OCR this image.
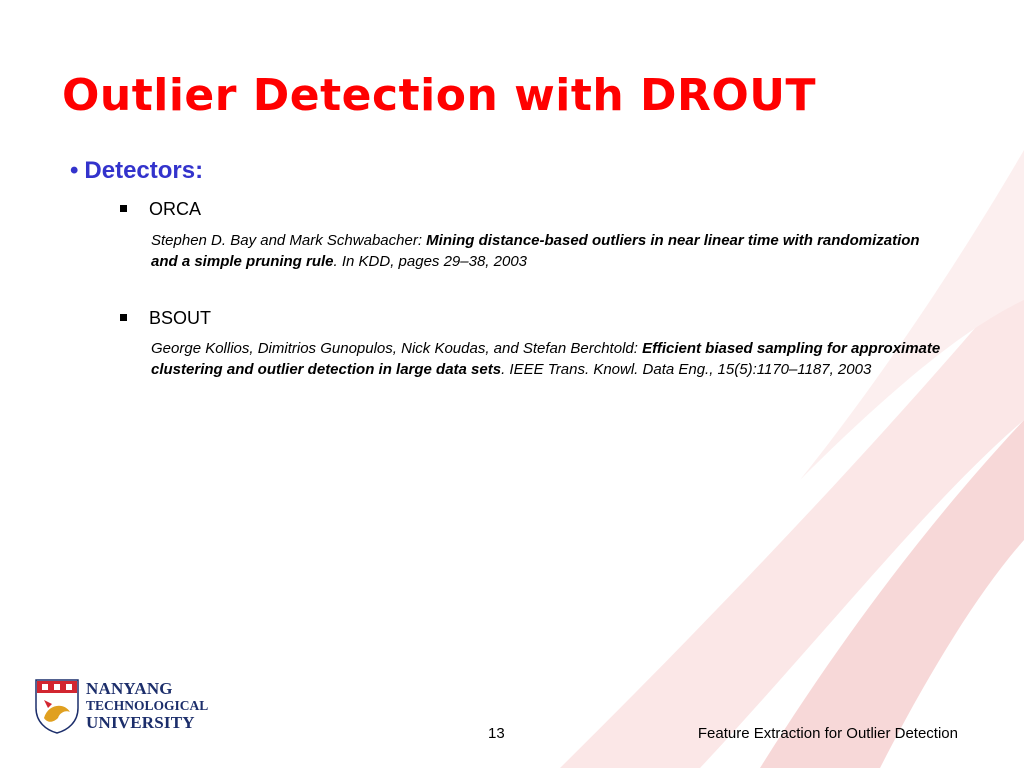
Outlier Detection with DROUT
• Detectors:
ORCA
Stephen D. Bay and Mark Schwabacher: Mining distance-based outliers in near linear time with randomization and a simple pruning rule. In KDD, pages 29–38, 2003
BSOUT
George Kollios, Dimitrios Gunopulos, Nick Koudas, and Stefan Berchtold: Efficient biased sampling for approximate clustering and outlier detection in large data sets. IEEE Trans. Knowl. Data Eng., 15(5):1170–1187, 2003
NANYANG
TECHNOLOGICAL
UNIVERSITY
13	Feature Extraction for Outlier Detection
